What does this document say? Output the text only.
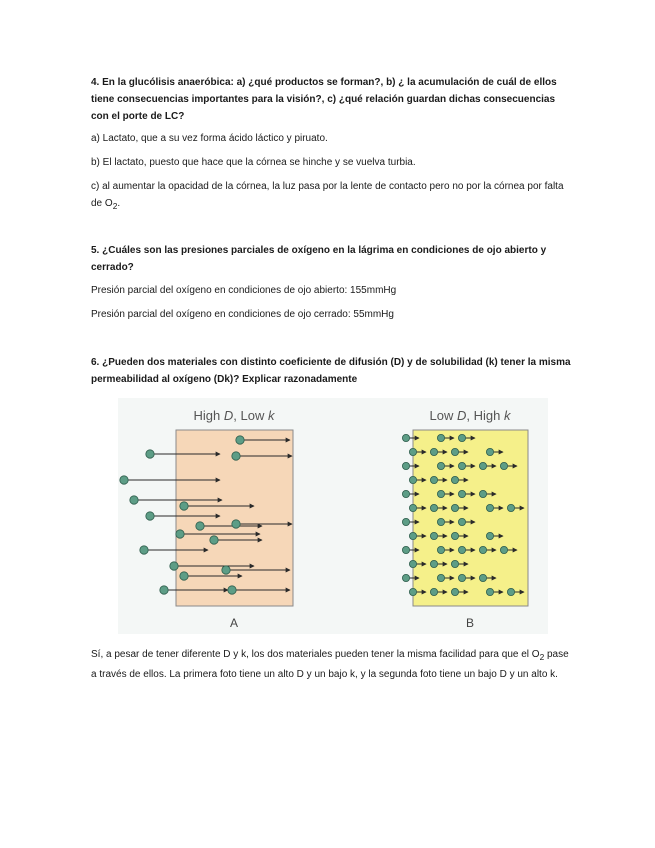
4. En la glucólisis anaeróbica: a) ¿qué productos se forman?, b) ¿ la acumulación de cuál de ellos tiene consecuencias importantes para la visión?, c) ¿qué relación guardan dichas consecuencias con el porte de LC?
a) Lactato, que a su vez forma ácido láctico y piruato.
b) El lactato, puesto que hace que la córnea se hinche y se vuelva turbia.
c) al aumentar la opacidad de la córnea, la luz pasa por la lente de contacto pero no por la córnea por falta de $O_2$.
5. ¿Cuáles son las presiones parciales de oxígeno en la lágrima en condiciones de ojo abierto y cerrado?
Presión parcial del oxígeno en condiciones de ojo abierto: 155mmHg
Presión parcial del oxígeno en condiciones de ojo cerrado: 55mmHg
6. ¿Pueden dos materiales con distinto coeficiente de difusión (D) y de solubilidad (k) tener la misma permeabilidad al oxígeno (Dk)? Explicar razonadamente
High D, Low k	Low D, High k
A	B
Sí, a pesar de tener diferente D y k, los dos materiales pueden tener la misma facilidad para que el $O_2$ pase a través de ellos. La primera foto tiene un alto D y un bajo k, y la segunda foto tiene un bajo D y un alto k.
